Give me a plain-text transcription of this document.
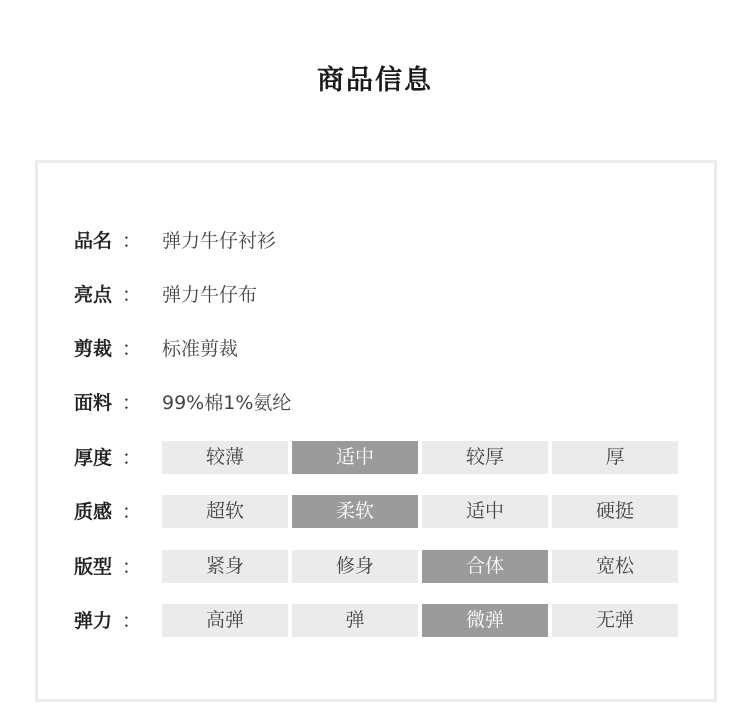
商品信息
品名 ： 弹力牛仔衬衫
亮点 ： 弹力牛仔布
剪裁 ： 标准剪裁
面料 ： 99%棉1%氨纶
厚度 ：	较薄	适中	较厚	厚
质感 ：	超软	柔软	适中	硬挺
版型 ：	紧身	修身	合体	宽松
弹力 ：	高弹	弹	微弹	无弹
